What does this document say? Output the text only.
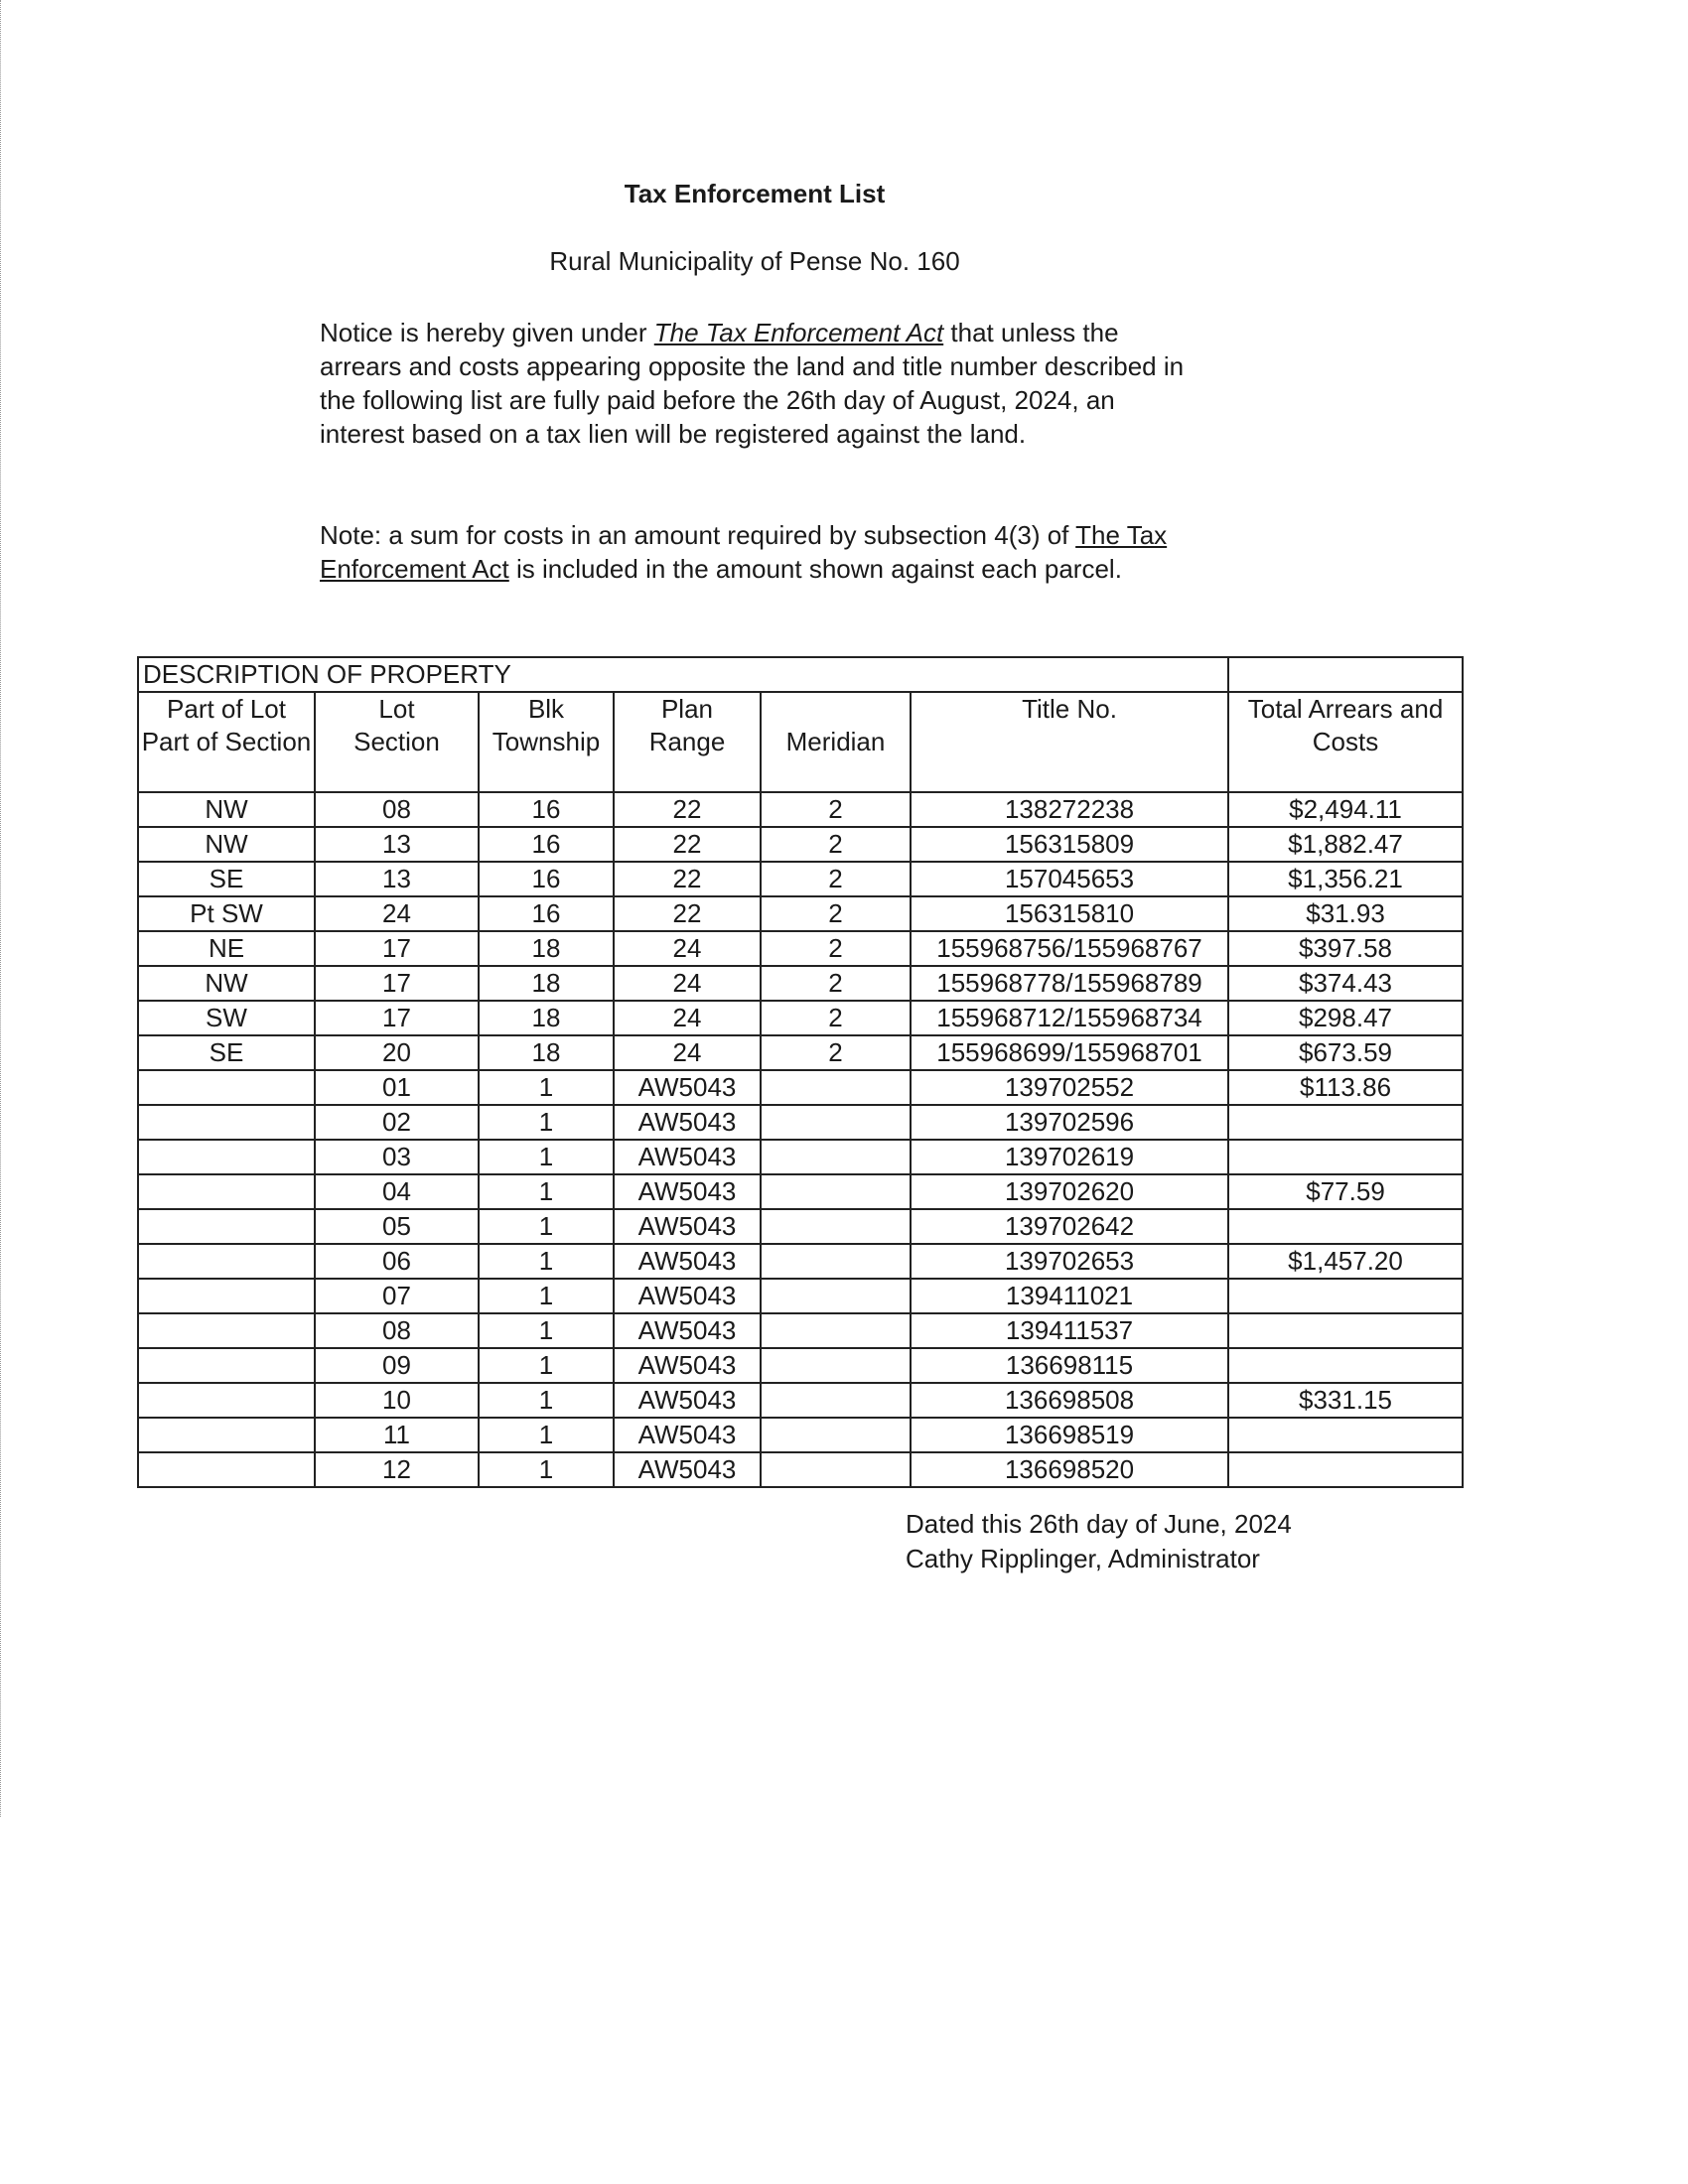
Tax Enforcement List
Rural Municipality of Pense No. 160

Notice is hereby given under The Tax Enforcement Act that unless the arrears and costs appearing opposite the land and title number described in the following list are fully paid before the 26th day of August, 2024, an interest based on a tax lien will be registered against the land.

Note: a sum for costs in an amount required by subsection 4(3) of The Tax Enforcement Act is included in the amount shown against each parcel.

DESCRIPTION OF PROPERTY						
Part of Lot	Lot	Blk	Plan		Title No.	Total Arrears and Costs
Part of Section	Section	Township	Range	Meridian		
NW	08	16	22	2	138272238	$2,494.11
NW	13	16	22	2	156315809	$1,882.47
SE	13	16	22	2	157045653	$1,356.21
Pt SW	24	16	22	2	156315810	$31.93
NE	17	18	24	2	155968756/155968767	$397.58
NW	17	18	24	2	155968778/155968789	$374.43
SW	17	18	24	2	155968712/155968734	$298.47
SE	20	18	24	2	155968699/155968701	$673.59
	01	1	AW5043		139702552	$113.86
	02	1	AW5043		139702596	
	03	1	AW5043		139702619	
	04	1	AW5043		139702620	$77.59
	05	1	AW5043		139702642	
	06	1	AW5043		139702653	$1,457.20
	07	1	AW5043		139411021	
	08	1	AW5043		139411537	
	09	1	AW5043		136698115	
	10	1	AW5043		136698508	$331.15
	11	1	AW5043		136698519	
	12	1	AW5043		136698520	
Dated this 26th day of June, 2024
Cathy Ripplinger, Administrator
